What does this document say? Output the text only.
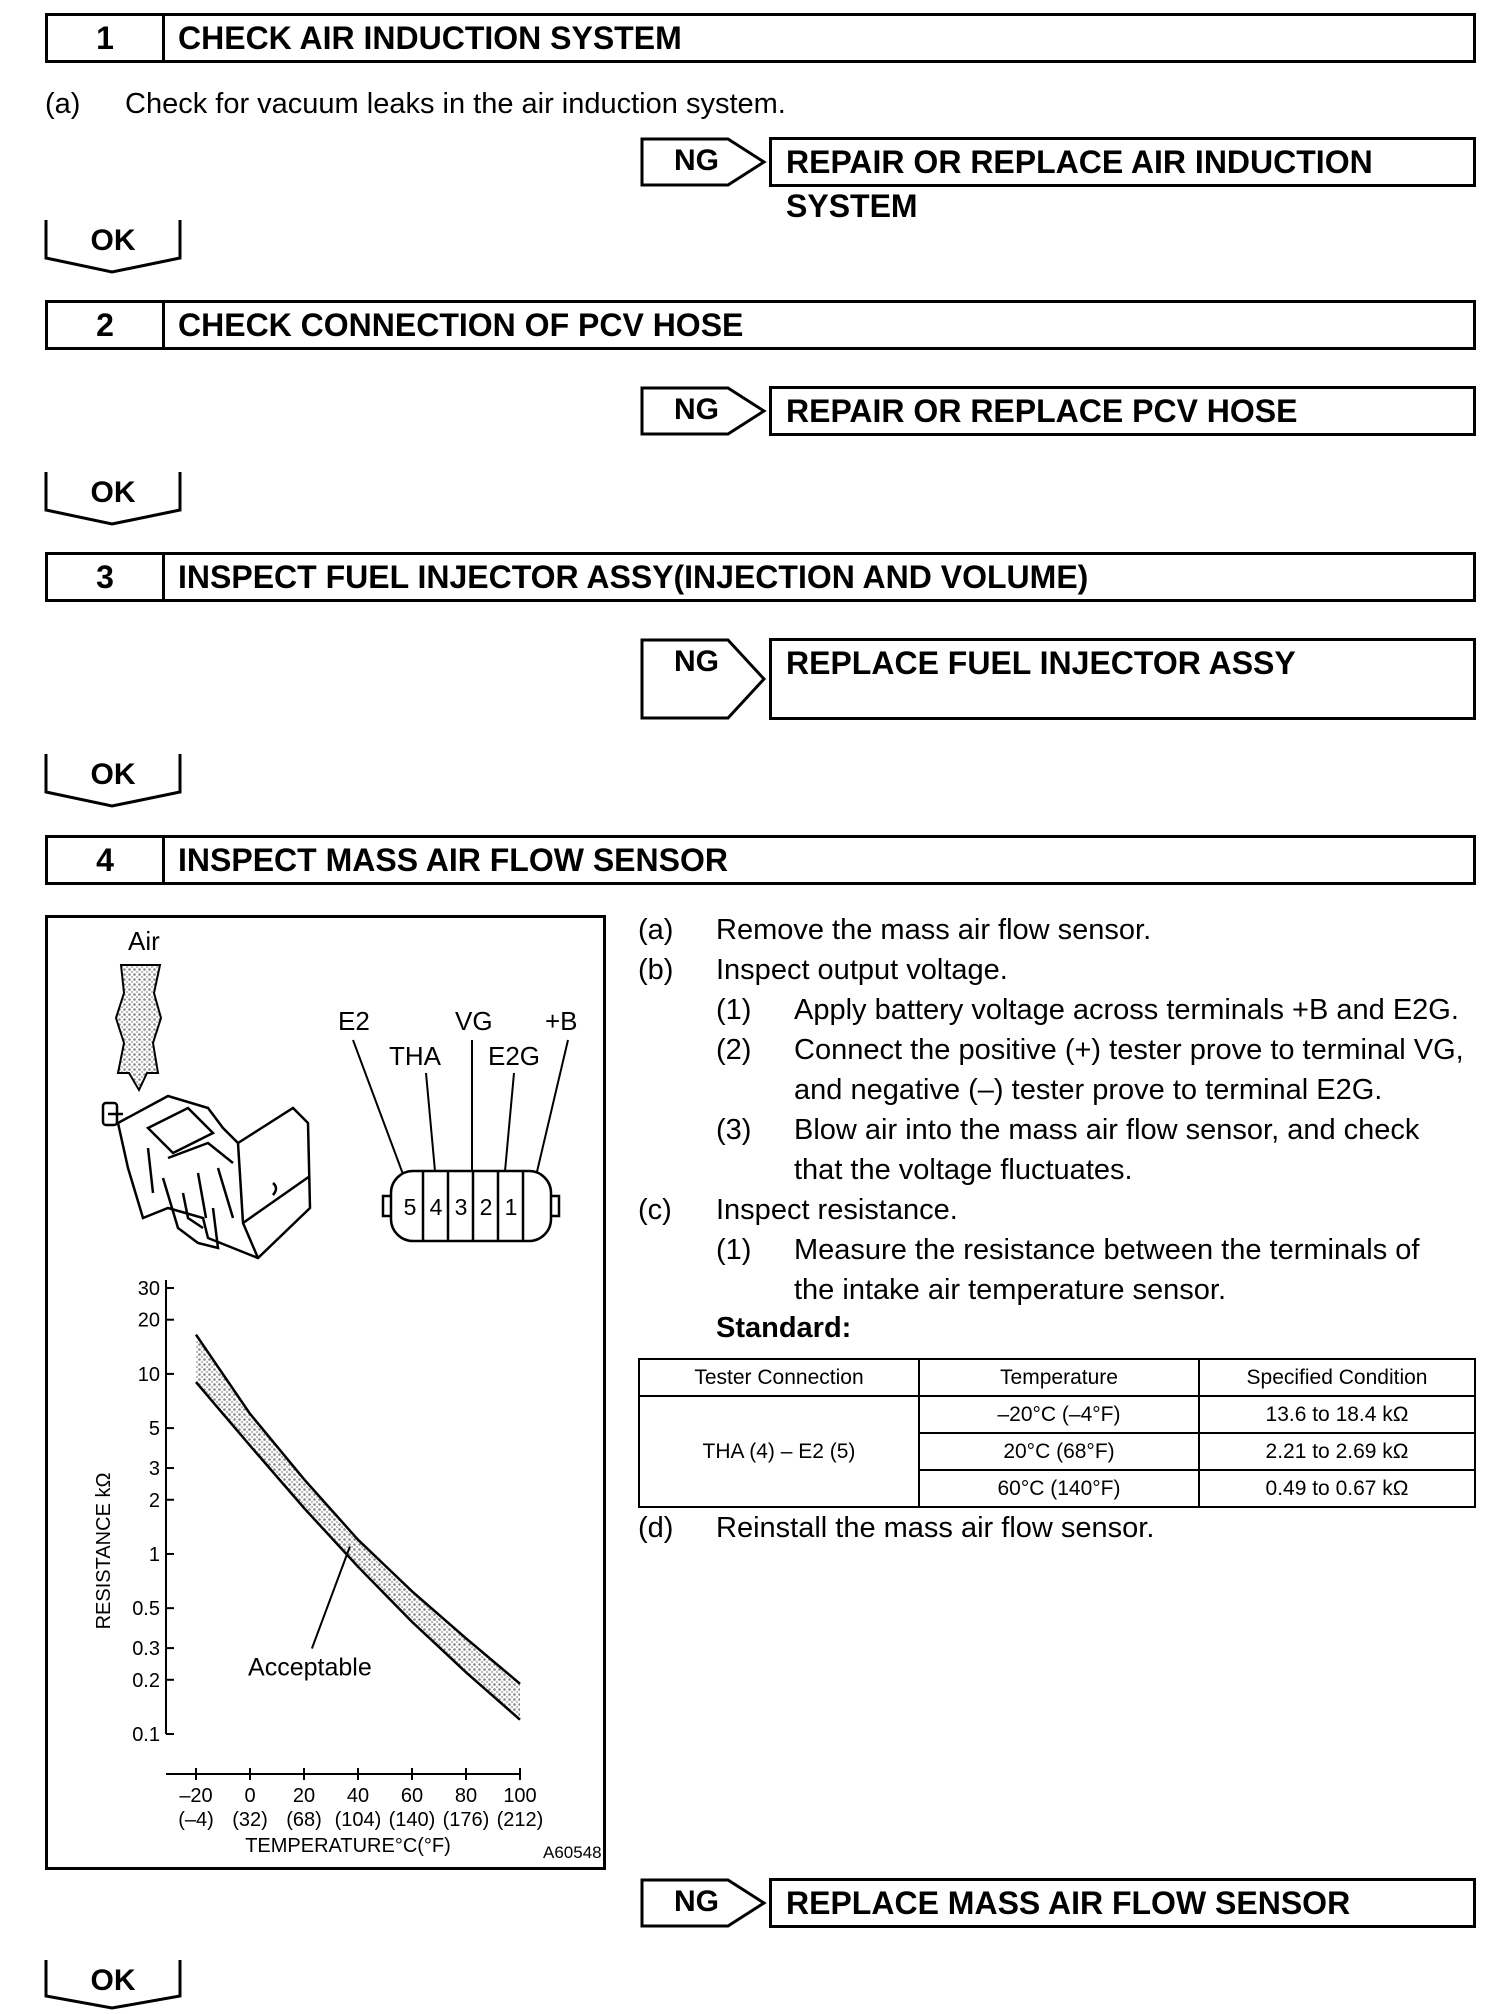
1	CHECK AIR INDUCTION SYSTEM
(a) Check for vacuum leaks in the air induction system.
NG	REPAIR OR REPLACE AIR INDUCTION SYSTEM
OK
2	CHECK CONNECTION OF PCV HOSE
NG	REPAIR OR REPLACE PCV HOSE
OK
3	INSPECT FUEL INJECTOR ASSY(INJECTION AND VOLUME)
NG	REPLACE FUEL INJECTOR ASSY
OK
4	INSPECT MASS AIR FLOW SENSOR
Air
E2	VG +B
THA E2G
5 4 3 2 1
30
20
10
5
3
2
1
0.5
0.3
0.2
0.1
–20
(–4)
0
(32)
20
(68)
40
(104)
60
(140)
80
(176)
100
(212)
RESISTANCE kΩ
TEMPERATURE°C(°F)
Acceptable
A60548
(a) Remove the mass air flow sensor.
(b) Inspect output voltage.
(1) Apply battery voltage across terminals +B and E2G.
(2) Connect the positive (+) tester prove to terminal VG,
and negative (–) tester prove to terminal E2G.
(3) Blow air into the mass air flow sensor, and check
that the voltage fluctuates.
(c) Inspect resistance.
(1) Measure the resistance between the terminals of
the intake air temperature sensor.
Standard:
Tester Connection	Temperature	Specified Condition
THA (4) – E2 (5)	–20°C (–4°F)	13.6 to 18.4 kΩ
	20°C (68°F)	2.21 to 2.69 kΩ
	60°C (140°F)	0.49 to 0.67 kΩ
(d) Reinstall the mass air flow sensor.
NG	REPLACE MASS AIR FLOW SENSOR
OK
